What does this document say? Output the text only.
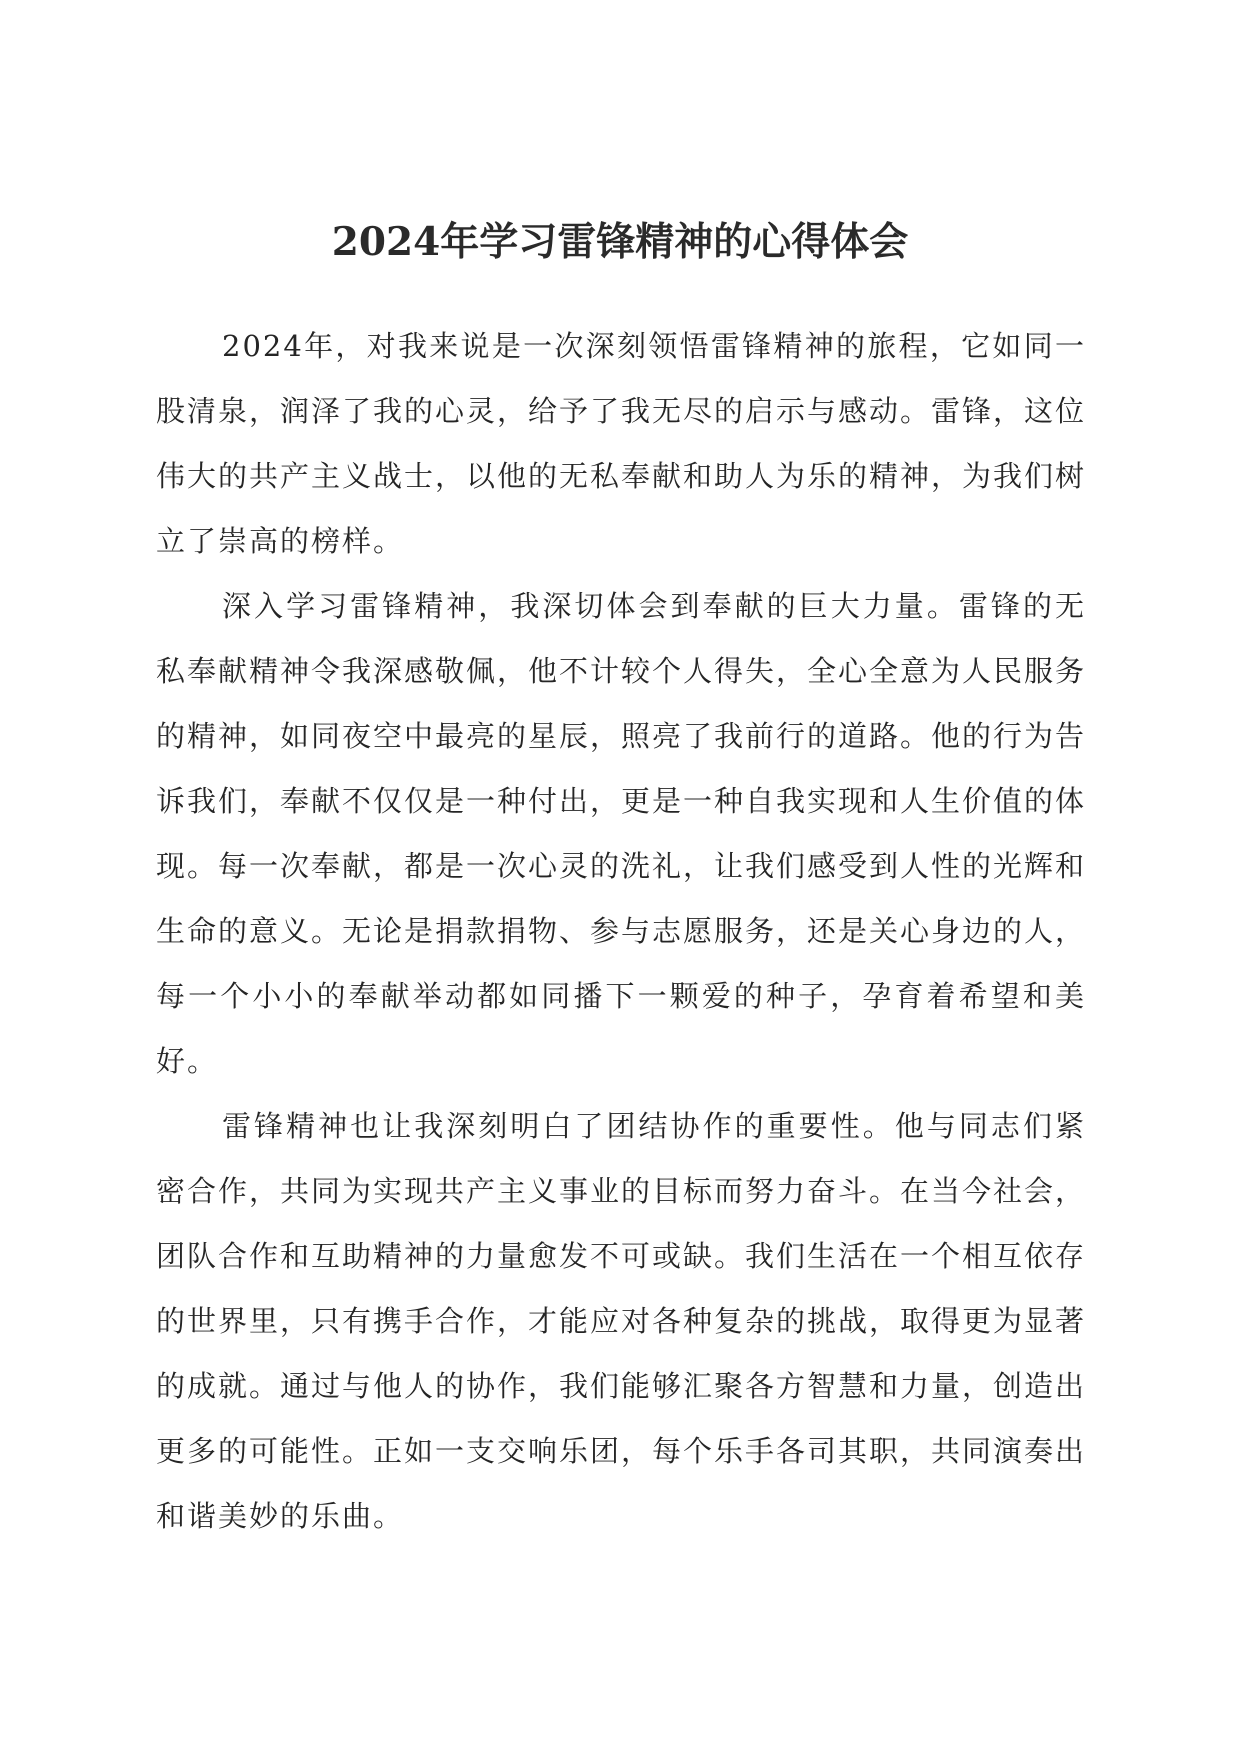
2024年学习雷锋精神的心得体会

2024年，对我来说是一次深刻领悟雷锋精神的旅程，它如同一股清泉，润泽了我的心灵，给予了我无尽的启示与感动。雷锋，这位伟大的共产主义战士，以他的无私奉献和助人为乐的精神，为我们树立了崇高的榜样。

深入学习雷锋精神，我深切体会到奉献的巨大力量。雷锋的无私奉献精神令我深感敬佩，他不计较个人得失，全心全意为人民服务的精神，如同夜空中最亮的星辰，照亮了我前行的道路。他的行为告诉我们，奉献不仅仅是一种付出，更是一种自我实现和人生价值的体现。每一次奉献，都是一次心灵的洗礼，让我们感受到人性的光辉和生命的意义。无论是捐款捐物、参与志愿服务，还是关心身边的人，每一个小小的奉献举动都如同播下一颗爱的种子，孕育着希望和美好。

雷锋精神也让我深刻明白了团结协作的重要性。他与同志们紧密合作，共同为实现共产主义事业的目标而努力奋斗。在当今社会，团队合作和互助精神的力量愈发不可或缺。我们生活在一个相互依存的世界里，只有携手合作，才能应对各种复杂的挑战，取得更为显著的成就。通过与他人的协作，我们能够汇聚各方智慧和力量，创造出更多的可能性。正如一支交响乐团，每个乐手各司其职，共同演奏出和谐美妙的乐曲。
